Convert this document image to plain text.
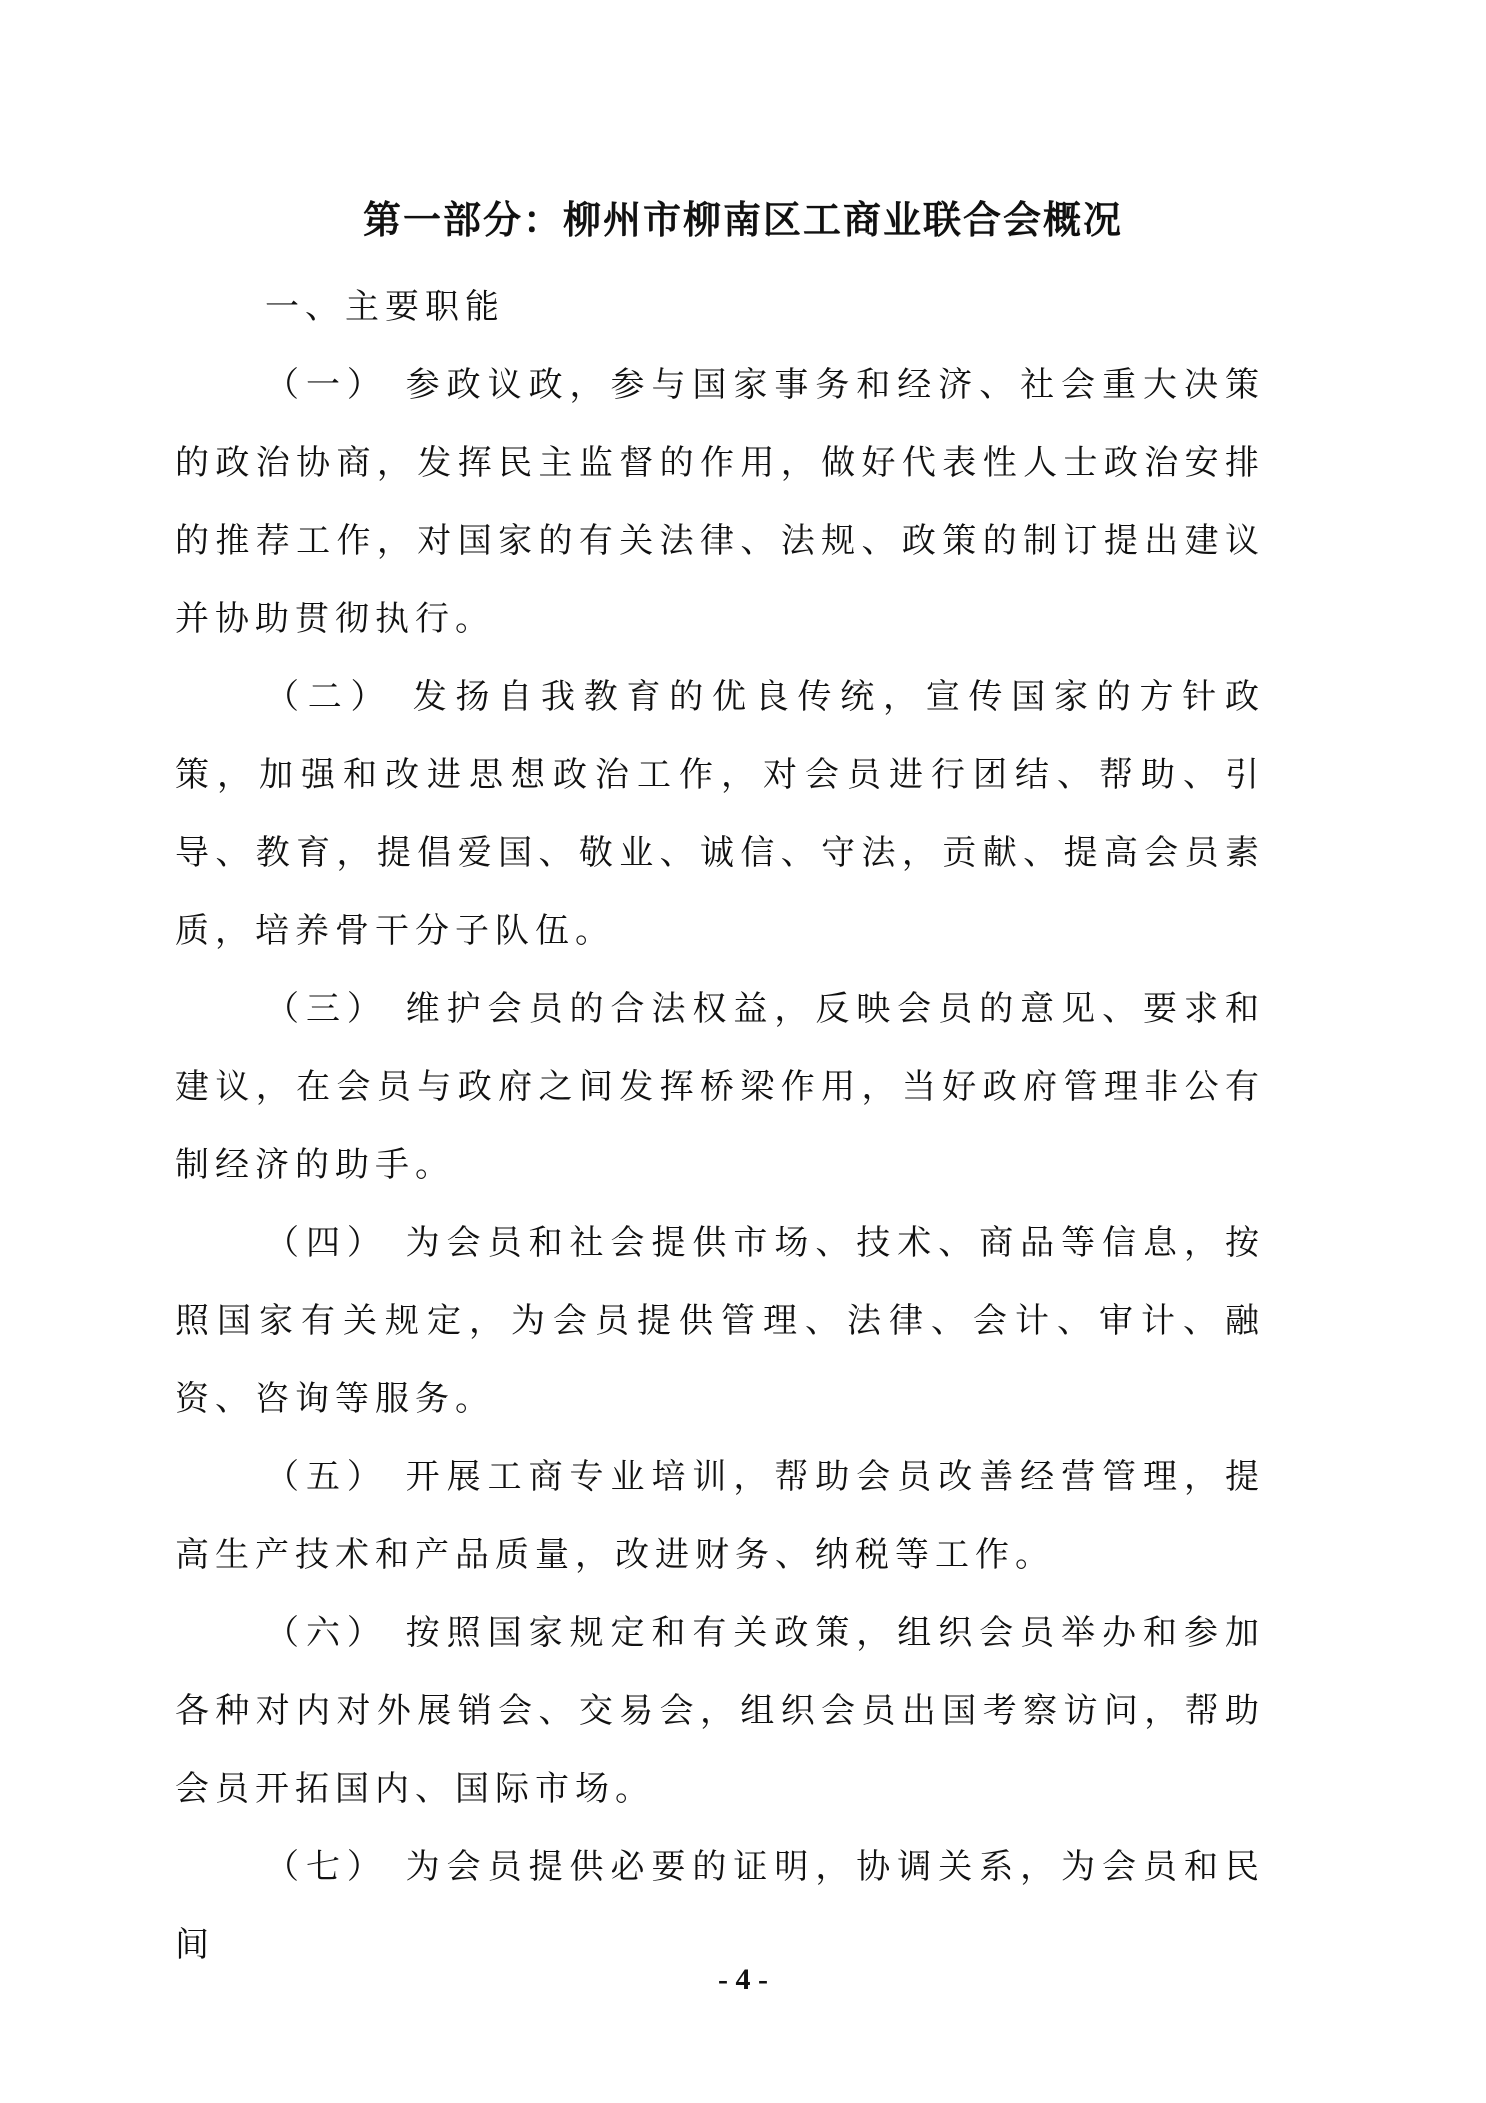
第一部分：柳州市柳南区工商业联合会概况

一、主要职能

（一） 参政议政，参与国家事务和经济、社会重大决策的政治协商，发挥民主监督的作用，做好代表性人士政治安排的推荐工作，对国家的有关法律、法规、政策的制订提出建议并协助贯彻执行。

（二） 发扬自我教育的优良传统，宣传国家的方针政策，加强和改进思想政治工作，对会员进行团结、帮助、引导、教育，提倡爱国、敬业、诚信、守法，贡献、提高会员素质，培养骨干分子队伍。

（三） 维护会员的合法权益，反映会员的意见、要求和建议，在会员与政府之间发挥桥梁作用，当好政府管理非公有制经济的助手。

（四） 为会员和社会提供市场、技术、商品等信息，按照国家有关规定，为会员提供管理、法律、会计、审计、融资、咨询等服务。

（五） 开展工商专业培训，帮助会员改善经营管理，提高生产技术和产品质量，改进财务、纳税等工作。

（六） 按照国家规定和有关政策，组织会员举办和参加各种对内对外展销会、交易会，组织会员出国考察访问，帮助会员开拓国内、国际市场。

（七） 为会员提供必要的证明，协调关系，为会员和民间

- 4 -
